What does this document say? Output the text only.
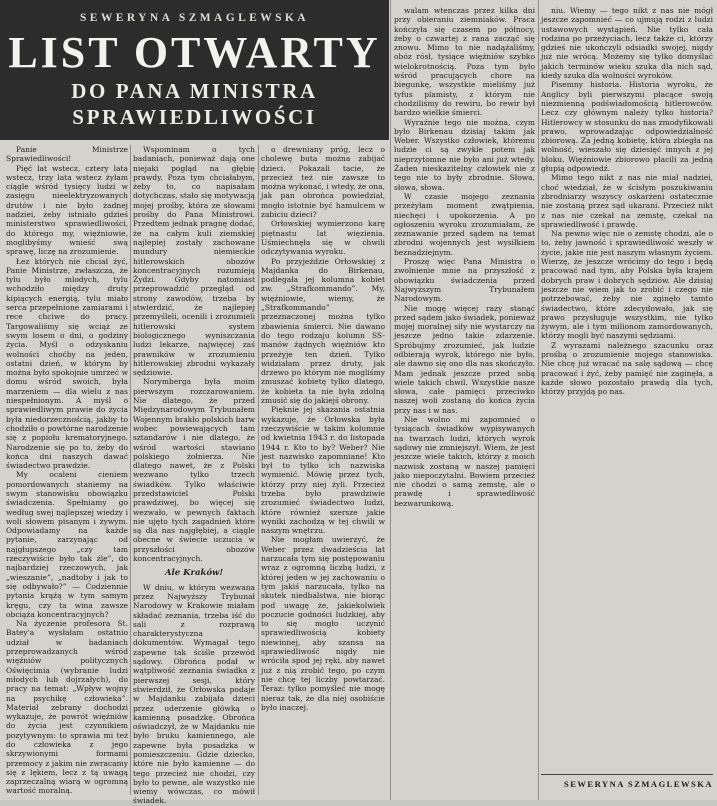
SEWERYNA SZMAGLEWSKA
LIST OTWARTY
DO PANA MINISTRA
SPRAWIEDLIWOŚCI

Panie Ministrze Sprawiedliwości!

Pięć lat wstecz, cztery lata wstecz, trzy lata wstecz żyłam ciągle wśród tysięcy ludzi w zasięgu nieelektryzowanych drutów i nie było żadnej nadziei, żeby istniało gdzieś ministerstwo sprawiedliwości, do którego my, więźniowie, moglibyśmy wnieść swą sprawę, liczę na zrozumienie.

Łez których nie chciał żyć, Panie Ministrze, zwłaszcza, że tylu było mlodych, tylu wchodziło między druty kipiących energią, tylu miało serca przepełnione zamiarami i rece chciwe do pracy. Targowaliśmy się wciąż ze swym losem o dni, o godziny życia. Myśl o odzyskaniu wolności choćby na jeden, ostatni dzień, w którym by można było spokojnie umrzeć w domu wśród swoich, była marzeniem — dla wielu z nas niespełnionym. A myśl o sprawiedliwym prawie do życia była niedorzecznością, jakby to chodziło o powtórne narodzenie się z popiołu krematoryjnego. Narodzenie się po to, żeby do końca dni naszych dawać świadectwo prawdzie.

My ocaleni cieniem pomordowanych staniemy na swym stanowisku obowiązku świadczenia. Spełniamy go według swej najlepszej wiedzy i woli słowem pisanym i żywym. Odpowiadamy na każde pytanie, zarzynając od najgłupszego „czy tam rzeczywiście było tak źle”, do najbardziej rzeczowych, jak „wieszanie”, „nadtoby i jak to się odbywało?” — Codziennie pytania krążą w tym samym kręgu, czy ta wina zawsze obciąża koncentracyjnych?

Na życzenie profesora St. Batey'a wysłałam ostatnio udział w badaniach przeprowadzanych wśród więźniów politycznych Oświęcimia (wybranie ludzi młodych lub dojrzałych), do pracy na temat: „Wpływ wojny na psychikę człowieka”. Materiał zebrany dochodzi wykazuje, że powrót więźniów do życia jest czynnikiem pozytywnym: to sprawia mi też do człowieka z jego skrzywionymi formami przemocy z jakim nie zwracamy się z lękiem, lecz z tą uwagą zaprzeczalną wiarą w ogromną wartość moralną.

Wspominam o tych badaniach, ponieważ dają one niejaki pogląd na głębię prawdy. Poza tym chciałabym, żeby to, co napisałam dotychczas, stało się motywacją mojej prośby, która ze słowami prośby do Pana Ministrowi. Przedtem jednak pragnę dodać, że na całym kuli ziemskiej najlepiej zostały zachowane mundury niemieckie hitlerowskich obozów koncentracyjnych rozumieją Żydzi. Gdyby natomiast przeprowadzić przegląd od strony zawodów, trzeba by stwierdzić, że najlepiej przemyśleli, ocenili i zrozumieli hitlerowski system biologicznego wyniszczania ludzi lekarze, najwięcej zaś prawników w zrozumieniu hitlerowskiej zbrodni wykazały sędziowie.

Norymberga była moim pierwszym rozczarowaniem. Nie dlatego, że przed Międzynarodowym Trybunałem Wojennym brakło polskich barw wobec powiewających tam sztandarów i nie dlatego, że wśród wartości stawiano polskiego żołnierza. Nie dlatego nawet, że z Polski wezwano tylko trzech świadków. Tylko właściwie przedstawiciel Polski prawdziwej, bo więcej się wezwało, w pewnych faktach nie ujęto tych zagadnień które są dla nas najgłębiej, a ciągle obecne w świecie uczucia w przyszłości obozów koncentracyjnych.

Ale Kraków!

W dniu, w którym wezwana przez Najwyższy Trybunał Narodowy w Krakowie miałam składać zeznania, trzeba iść do sali z rozprawą charakterystyczna dokumentów. Wymagał tego zapewne tak ściśle przewód sądowy. Obrońca podał w wątpliwość zeznania świadka z pierwszej sesji, który stwierdził, że Orłowska podaje w Majdanku zabijała dzieci przez uderzenie główką o kamienną posadzkę. Obrońca oświadczył, że w Majdanku nie było bruku kamiennego, ale zapewne była posadzka w pomieszczeniu. Gdzie dziecko, które nie było kamienne — do tego przecież nie chodzi, czy było to pewne, ale wszystko nie wiemy wówczas, co mówił świadek.

o drewniany próg, lecz o cholewę buta można zabijać dzieci. Pokazali tacie, że przecież też nie zawsze to można wykonać, i wtedy, że ona, jak pan obrońca powiedział, mogło istotnie być hamulcem w zabiciu dzieci?

Orłowskiej wymierzono karę piętnastu lat więzienia. Uśmiechnęła się w chwili odczytywania wyroku.

Po przyjeździe Orłowskiej z Majdanka do Birkenau, podlegała jej kolumna kobiet zw. „Strafkommando”. My, więźniowie, wiemy, że „Strafkommando” przeznaczonej można tylko zbawienia śmierci. Nie dawano do tego rodzaju kolumn SS-manów żądnych więźniów kto przeżyje ten dzień. Tylko widziałam przez druty, jak drzewo po którym nie mogliśmy zmuszać kobietę tylko dlatego, że kobieta ta nie była zdolną zmusić się do jakiejś obrony.

Pięknie jej skazania ostatnia wykazuje, że Orłowska była rzeczywiście w takim kolumnie od kwietnia 1943 r. do listopada 1944 r. Kto to by? Weber? Nie jest nazwisko zapomniane! Kto był to tylko ich nazwiska wymienić. Mówię przez tych, którzy przy niej żyli. Przecież trzeba było prawdziwie zrozumieć świadectwo ludzi, które również szersze jakie wyniki zachodzą w tej chwili w naszym wnętrzu.

Nie mogłam uwierzyć, że Weber przez dwadzieścia lat narzucała tym się postępowaniu wraz z ogromną liczbą ludzi, z której jeden w jej zachowaniu o tym jakiś narzucała, tylko na skutek niedbalstwa, nie biorąc pod uwagę że, jakiekolwiek poczucie godności ludzkiej, aby to się mogło uczynić sprawiedliwością kobiety niewinnej, aby szansa na sprawiedliwość nigdy nie wróciła spod jej ręki, aby nawet już z nią zrobić tego, po czym nie chcę tej liczby powtarzać. Teraz: tylko pomyśleć nie mogę nieraz tak, że dla niej osobiście było inaczej.

walam wtenczas przez kilka dni przy obieraniu ziemniaków. Praca kończyła się czasem po północy, żeby o czwartej z rana zacząć się znowu. Mimo to nie nadążaliśmy, obóz rósł, tysiące więźniów szybko wielokrotnością. Poza tym było wśród pracujących chore na biegunkę, wszystkie mieliśmy już tyfus plamisty, z którym nie chodziliśmy do rewiru, bo rewir był bardzo wielkie śmierci.

Wyraźnie tego nie można, czym było Birkenau dzisiaj takim jak Weber. Wszystko człowiek, któremu ludzie ci są zwykle potem jak nieprzytomne nie było ani już wtedy. Żaden nieskazitelny człowiek nie z tego nie to były zbrodnie. Słowa, słowa, słowa.

W czasie mojego zeznania przeżyłam moment zwątpienia, niechęci i upokorzenia. A po ogłoszeniu wyroku zrozumiałam, że zeznawanie przed sądem na temat zbrodni wojennych jest wysiłkiem beznadziejnym.

Proszę więc Pana Ministra o zwolnienie mnie na przyszłość z obowiązku świadczenia przed Najwyższym Trybunałem Narodowym.

Nie mogę więcej razy stanąć przed sądem jako świadek, ponieważ mojej moralnej siły nie wystarczy na jeszcze jedno takie zdarzenie. Spróbujmy zrozumieć, jak ludzie odbierają wyrok, którego nie było, ale dawno się ono dla nas skończyło. Mam jednak jeszcze przed sobą wiele takich chwil. Wszystkie nasze słowa, całe pamięci przeciwko naszej woli zostaną do końca życia przy nas i w nas.

Nie wolno mi zapomnieć o tysiącach świadków wypisywanych na twarzach ludzi, których wyrok sądowy nie zmniejszył. Wiem, że jest jeszcze wiele takich, którzy z moich nazwisk zostaną w naszej pamięci jako niepoczytalni. Bowiem przecież nie chodzi o samą zemstę, ale o prawdę i sprawiedliwość bezwarunkową.

niu. Wiemy — tego nikt z nas nie mógł jeszcze zapomnieć — co ujmują rodzi z ludzi ustawowych wystąpień. Nie tylko cała rodzina po przeżyciach, lecz także ci, którzy gdzieś nie ukończyli odsiadki swojej, nigdy już nie wrócą. Możemy się tylko domyślać jakich terminów wieku szuka dla nich sąd, kiedy szuka dla wolności wyroków.

Pisemny historia. Historia wyroku, że Anglicy byli pierwszymi płacące swoją niezmienną podświadomością hitlerowców. Lecz czy głównym należy tylko historia? Hitlerowcy w stosunku do nas zmodyfikowali prawo, wprowadzając odpowiedzialność zbiorową. Za jedną kobietę, która zbiegła na wolność, wieszało się dziesięć innych z jej bloku. Więźniowie zbiorowo płacili za jedną głupią odpowiedź.

Mimo tego nikt z nas nie miał nadziei, choć wiedział, że w ścisłym poszukiwaniu zbrodniarzy wszyscy oskarżeni ostatecznie nie zostaną przez sąd ukarani. Przecież nikt z nas nie czekał na zemstę, czekał na sprawiedliwość i prawdę.

Na pewno więc nie o zemstę chodzi, ale o to, żeby jawność i sprawiedliwość weszły w życie, jakie nie jest naszym własnym życiem. Wierzę, że jeszcze wrócimy do tego i będą pracować nad tym, aby Polska była krajem dobrych praw i dobrych sędziów. Ale dzisiaj jeszcze nie wiem jak to zrobić i czego nie potrzebować, żeby nie zginęło tamto świadectwo, które zdecydowało, jak się prawo przysługuje wszystkim, nie tylko żywym, ale i tym milionom zamordowanych, którzy mogli być naszymi sędziami.

Z wyrazami należnego szacunku oraz prośbą o zrozumienie mojego stanowiska. Nie chcę już wracać na salę sądową — chcę pracować i żyć, żeby pamięć nie zaginęła, a każde słowo pozostało prawdą dla tych, którzy przyjdą po nas.

SEWERYNA SZMAGLEWSKA
